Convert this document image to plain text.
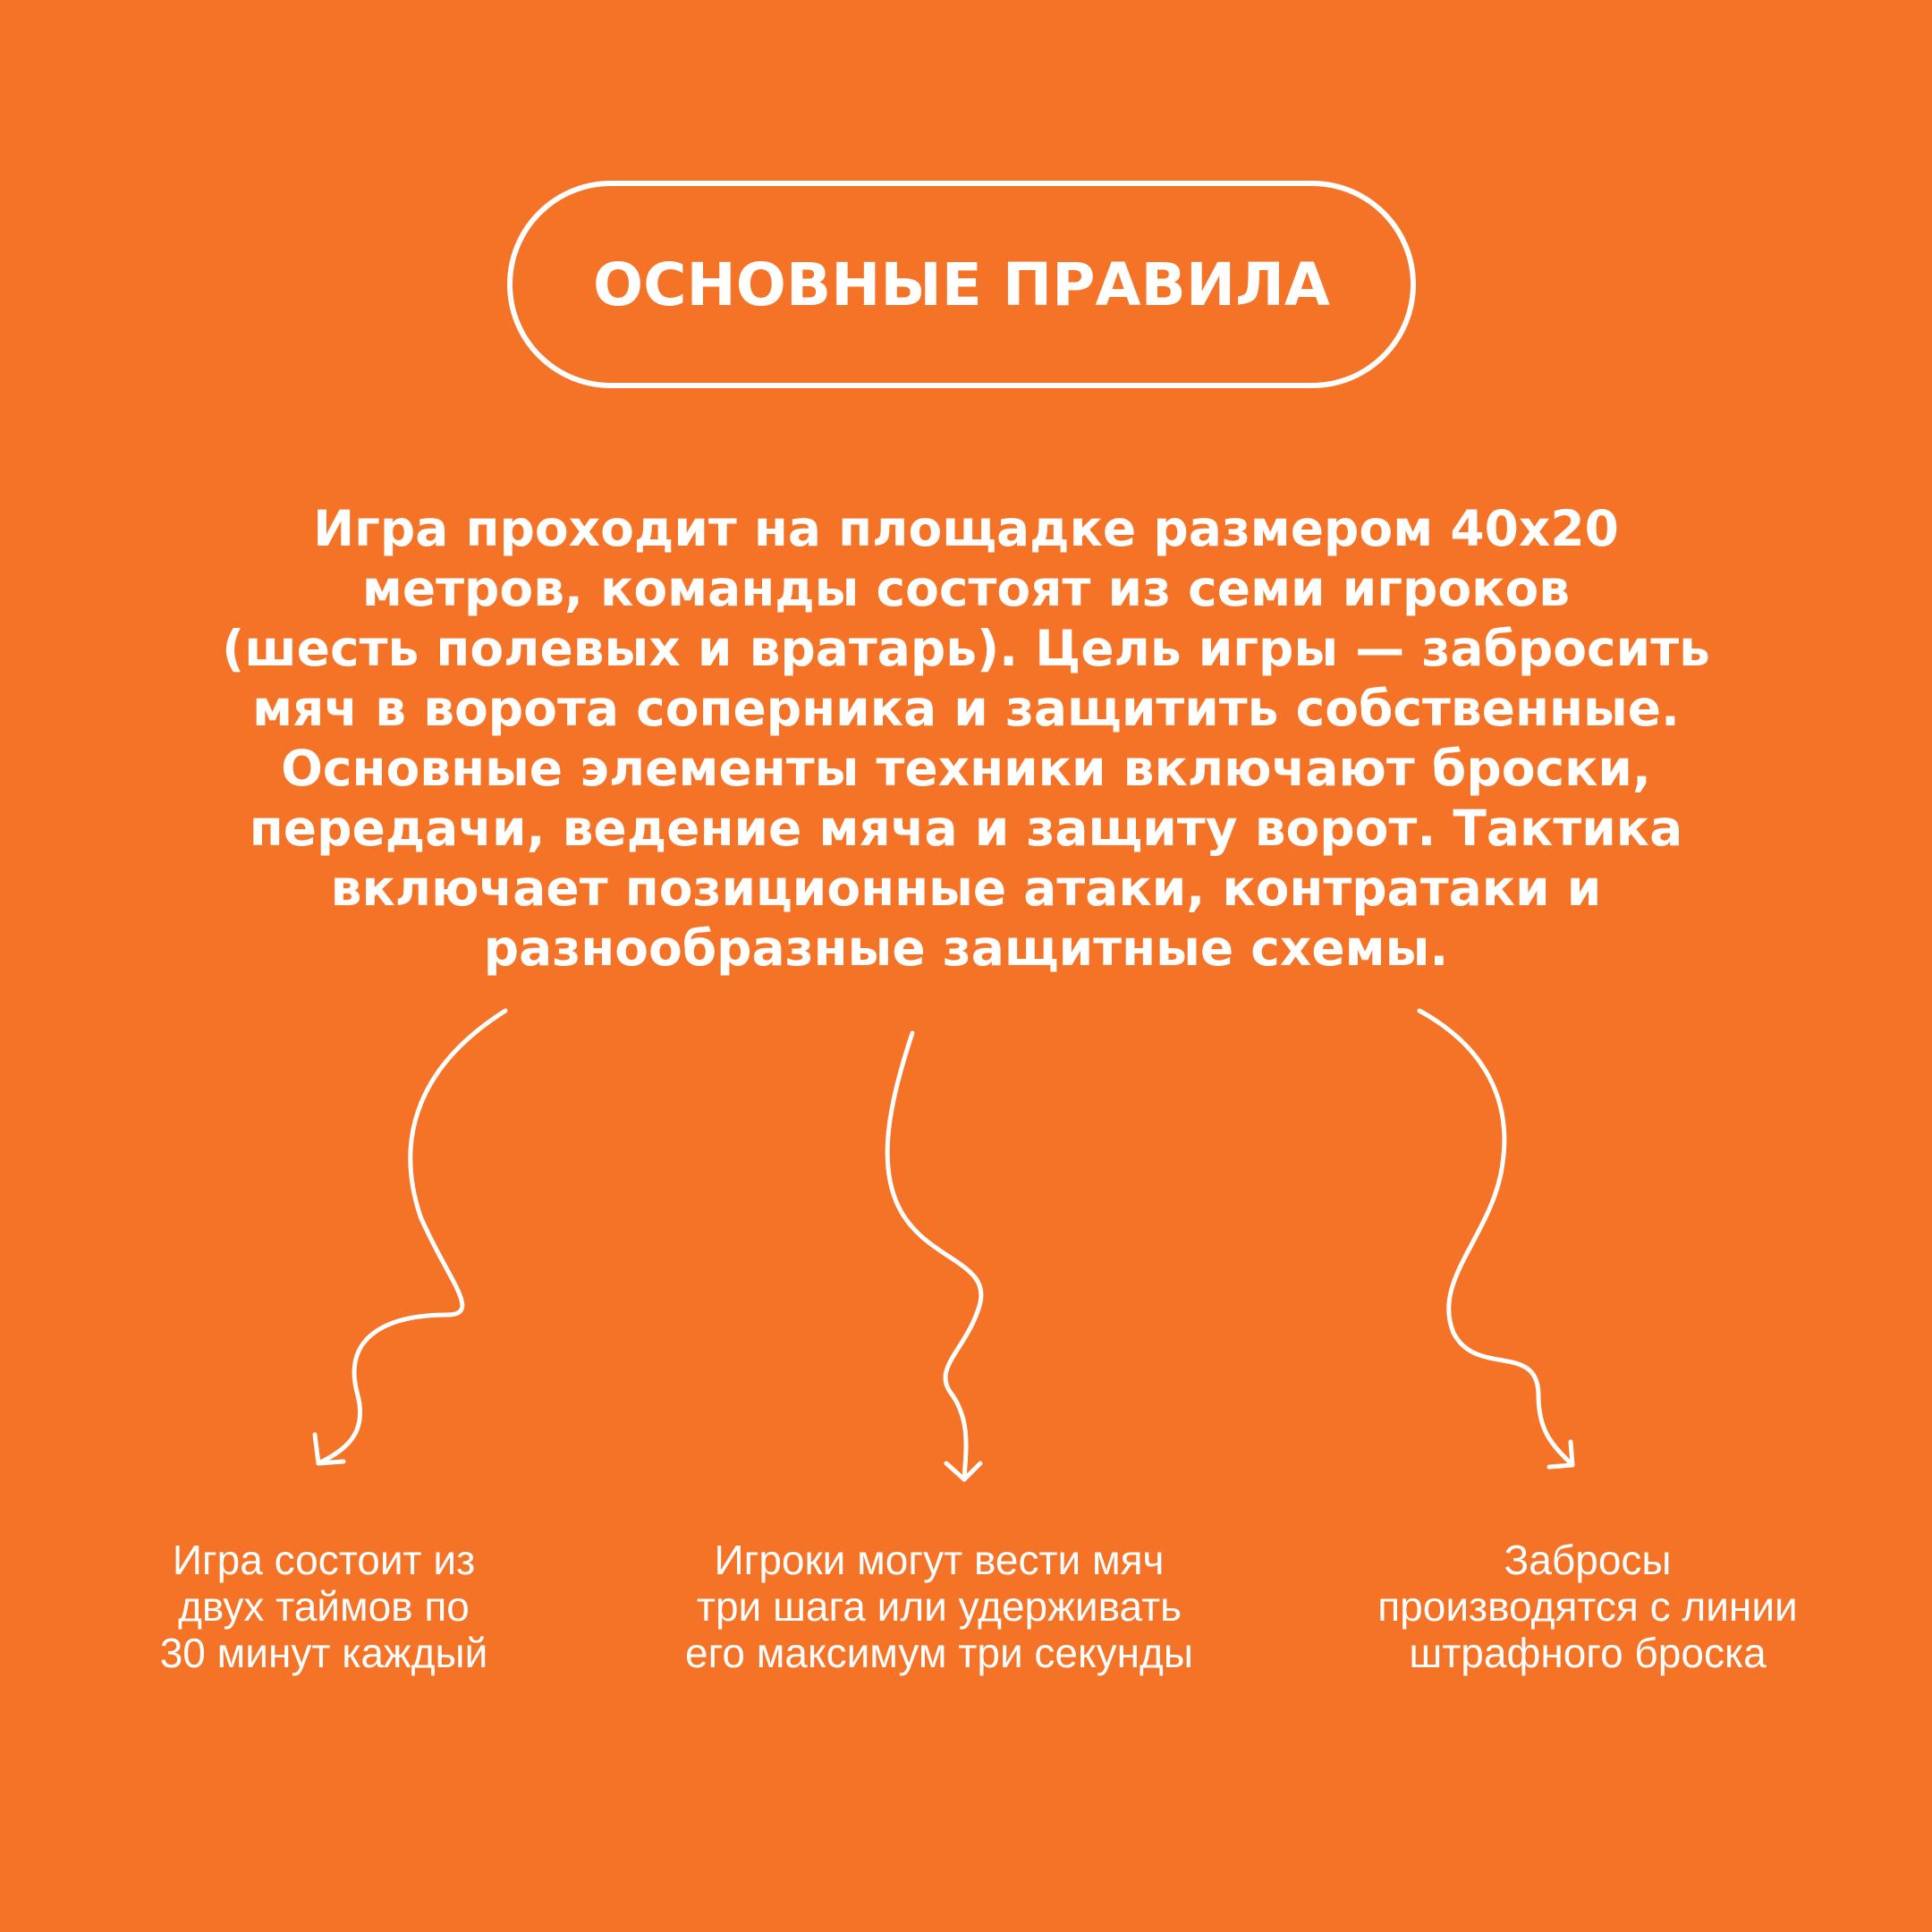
ОСНОВНЫЕ ПРАВИЛА
Игра проходит на площадке размером 40x20
метров, команды состоят из семи игроков
(шесть полевых и вратарь). Цель игры — забросить
мяч в ворота соперника и защитить собственные.
Основные элементы техники включают броски,
передачи, ведение мяча и защиту ворот. Тактика
включает позиционные атаки, контратаки и
разнообразные защитные схемы.
Игра состоит из
двух таймов по
30 минут каждый
Игроки могут вести мяч
три шага или удерживать
его максимум три секунды
Забросы
производятся с линии
штрафного броска
